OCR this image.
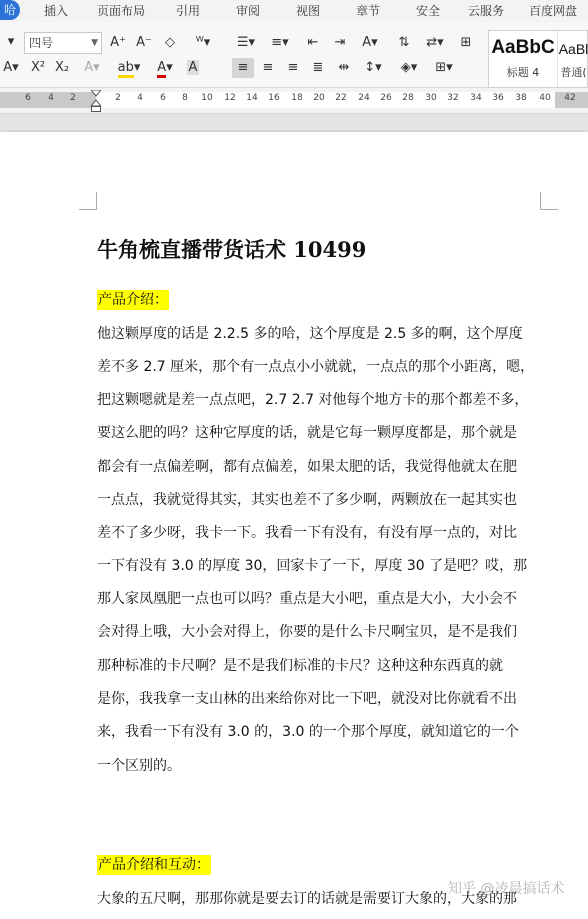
哈	插入 页面布局	引用	审阅	视图	章节	安全 云服务 百度网盘
▾	四号	▼ A⁺ A⁻	◇	ᵂ▾	☰▾	≡▾	⇤	⇥	A▾	⇅	⇄▾	⊞
A▾ X² X₂	A▾	ab▾	A▾	A	≡	≡	≡	≣	⇹	↕▾	◈▾	⊞▾
AaBbC
标题 4
AaBl
普通(
6 4 2	2 4 6 8 10 12 14 16 18 20 22 24 26 28 30 32 34 36 38 40 42
牛角梳直播带货话术 10499
产品介绍：
他这颗厚度的话是 2.2.5 多的哈，这个厚度是 2.5 多的啊，这个厚度
差不多 2.7 厘米，那个有一点点小小就就，一点点的那个小距离，嗯，
把这颗嗯就是差一点点吧，2.7 2.7 对他每个地方卡的那个都差不多，
要这么肥的吗？这种它厚度的话，就是它每一颗厚度都是，那个就是
都会有一点偏差啊，都有点偏差，如果太肥的话，我觉得他就太在肥
一点点，我就觉得其实，其实也差不了多少啊，两颗放在一起其实也
差不了多少呀，我卡一下。我看一下有没有，有没有厚一点的，对比
一下有没有 3.0 的厚度 30，回家卡了一下，厚度 30 了是吧？哎，那
那人家凤凰肥一点也可以吗？重点是大小吧，重点是大小，大小会不
会对得上哦，大小会对得上，你要的是什么卡尺啊宝贝，是不是我们
那种标准的卡尺啊？是不是我们标准的卡尺？这种这种东西真的就
是你，我我拿一支山林的出来给你对比一下吧，就没对比你就看不出
来，我看一下有没有 3.0 的，3.0 的一个那个厚度，就知道它的一个
一个区别的。
产品介绍和互动：
大象的五尺啊，那那你就是要去订的话就是需要订大象的，大象的那
知乎 @凌晨搞话术
